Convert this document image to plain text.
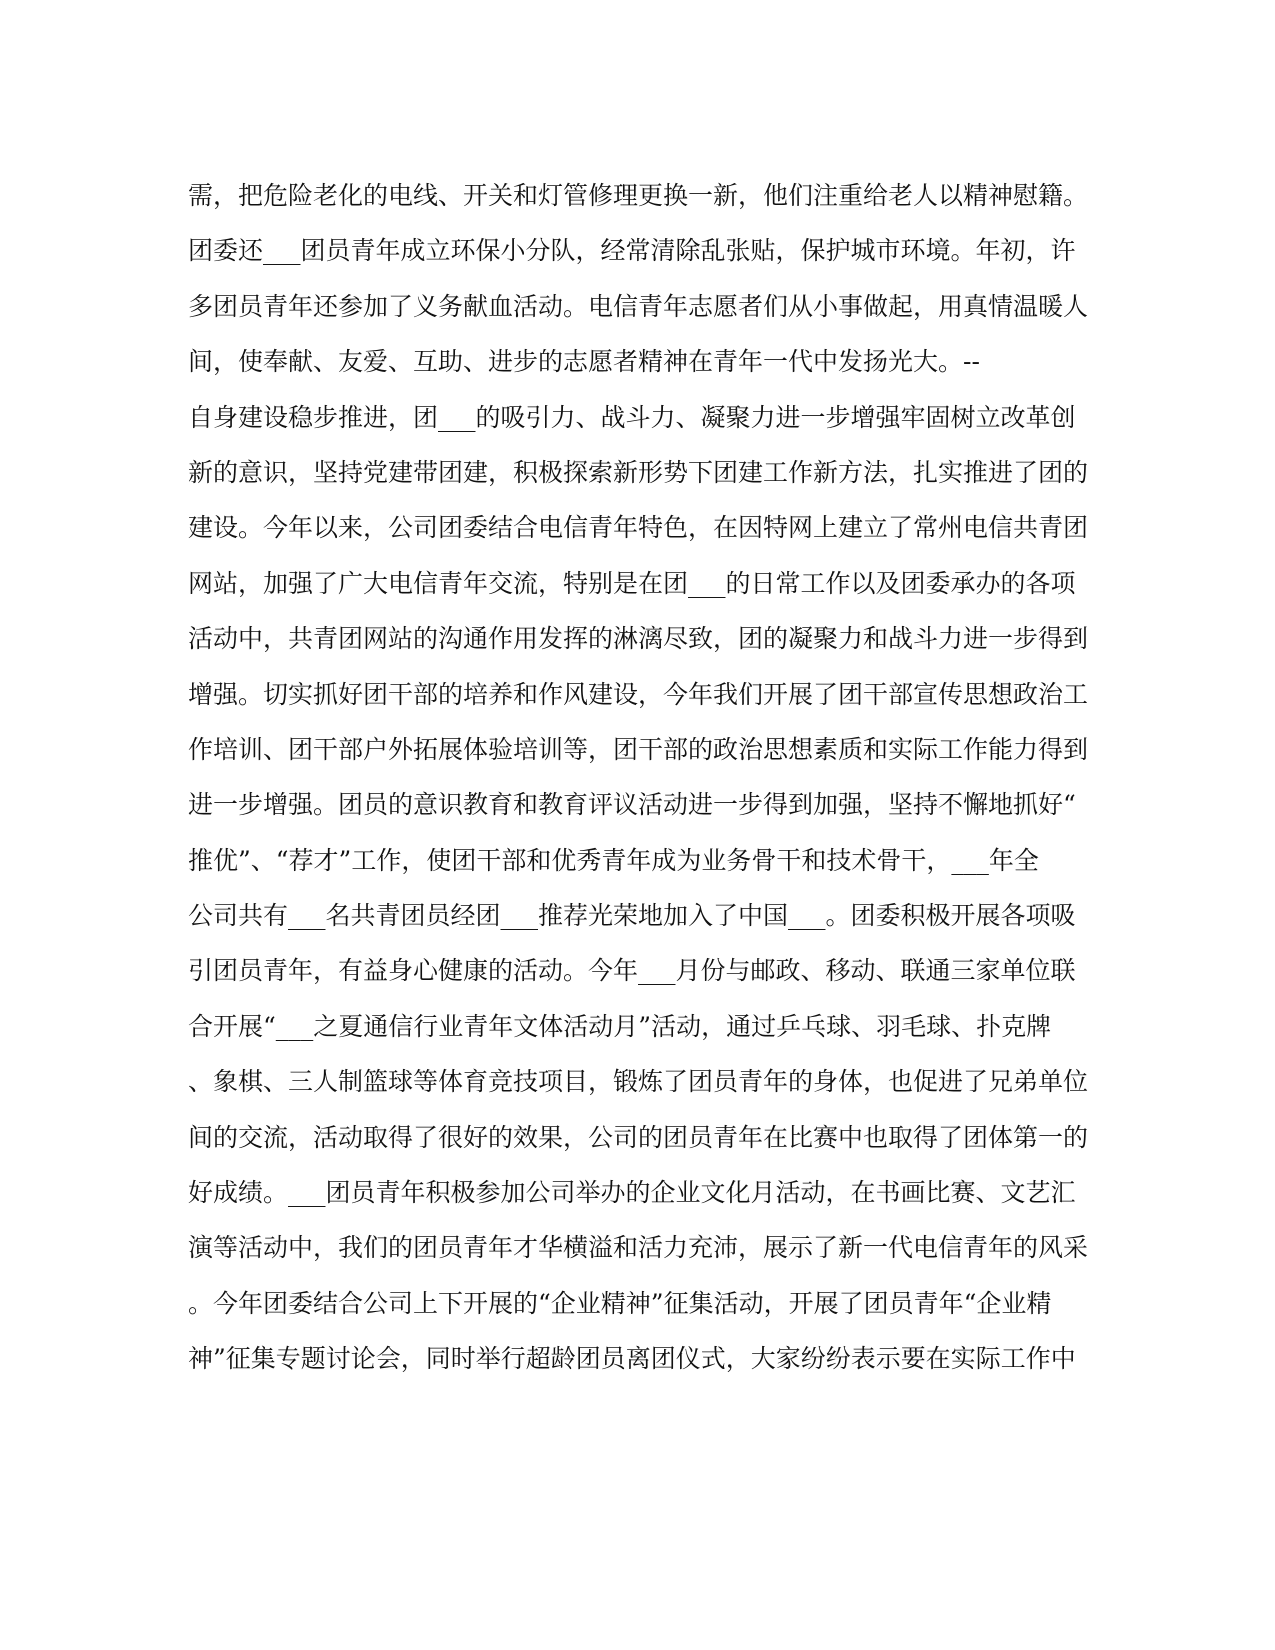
需，把危险老化的电线、开关和灯管修理更换一新，他们注重给老人以精神慰籍。
团委还___团员青年成立环保小分队，经常清除乱张贴，保护城市环境。年初，许
多团员青年还参加了义务献血活动。电信青年志愿者们从小事做起，用真情温暖人
间，使奉献、友爱、互助、进步的志愿者精神在青年一代中发扬光大。--
自身建设稳步推进，团___的吸引力、战斗力、凝聚力进一步增强牢固树立改革创
新的意识，坚持党建带团建，积极探索新形势下团建工作新方法，扎实推进了团的
建设。今年以来，公司团委结合电信青年特色，在因特网上建立了常州电信共青团
网站，加强了广大电信青年交流，特别是在团___的日常工作以及团委承办的各项
活动中，共青团网站的沟通作用发挥的淋漓尽致，团的凝聚力和战斗力进一步得到
增强。切实抓好团干部的培养和作风建设，今年我们开展了团干部宣传思想政治工
作培训、团干部户外拓展体验培训等，团干部的政治思想素质和实际工作能力得到
进一步增强。团员的意识教育和教育评议活动进一步得到加强，坚持不懈地抓好“
推优”、“荐才”工作，使团干部和优秀青年成为业务骨干和技术骨干，___年全
公司共有___名共青团员经团___推荐光荣地加入了中国___。团委积极开展各项吸
引团员青年，有益身心健康的活动。今年___月份与邮政、移动、联通三家单位联
合开展“___之夏通信行业青年文体活动月”活动，通过乒乓球、羽毛球、扑克牌
、象棋、三人制篮球等体育竞技项目，锻炼了团员青年的身体，也促进了兄弟单位
间的交流，活动取得了很好的效果，公司的团员青年在比赛中也取得了团体第一的
好成绩。___团员青年积极参加公司举办的企业文化月活动，在书画比赛、文艺汇
演等活动中，我们的团员青年才华横溢和活力充沛，展示了新一代电信青年的风采
。今年团委结合公司上下开展的“企业精神”征集活动，开展了团员青年“企业精
神”征集专题讨论会，同时举行超龄团员离团仪式，大家纷纷表示要在实际工作中
